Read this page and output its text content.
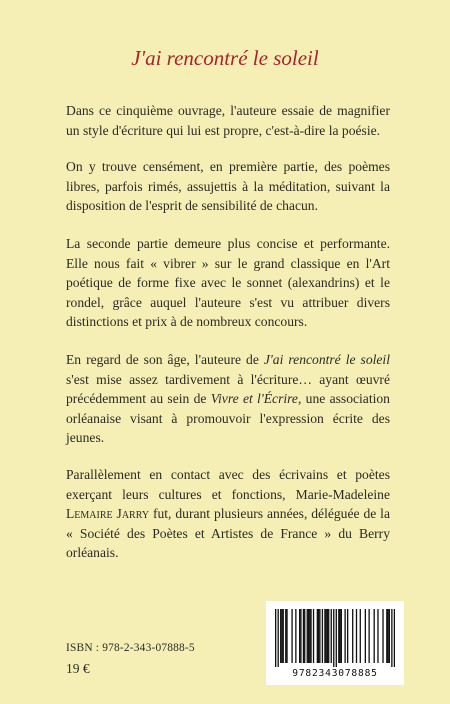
J'ai rencontré le soleil

Dans ce cinquième ouvrage, l'auteure essaie de magnifier un style d'écriture qui lui est propre, c'est-à-dire la poésie.

On y trouve censément, en première partie, des poèmes libres, parfois rimés, assujettis à la méditation, suivant la disposition de l'esprit de sensibilité de chacun.

La seconde partie demeure plus concise et performante. Elle nous fait « vibrer » sur le grand classique en l'Art poétique de forme fixe avec le sonnet (alexandrins) et le rondel, grâce auquel l'auteure s'est vu attribuer divers distinctions et prix à de nombreux concours.

En regard de son âge, l'auteure de J'ai rencontré le soleil s'est mise assez tardivement à l'écriture… ayant œuvré précédemment au sein de Vivre et l'Écrire, une association orléanaise visant à promouvoir l'expression écrite des jeunes.

Parallèlement en contact avec des écrivains et poètes exerçant leurs cultures et fonctions, Marie-Madeleine Lemaire Jarry fut, durant plusieurs années, déléguée de la « Société des Poètes et Artistes de France » du Berry orléanais.

ISBN : 978-2-343-07888-5
19 €	9782343078885
